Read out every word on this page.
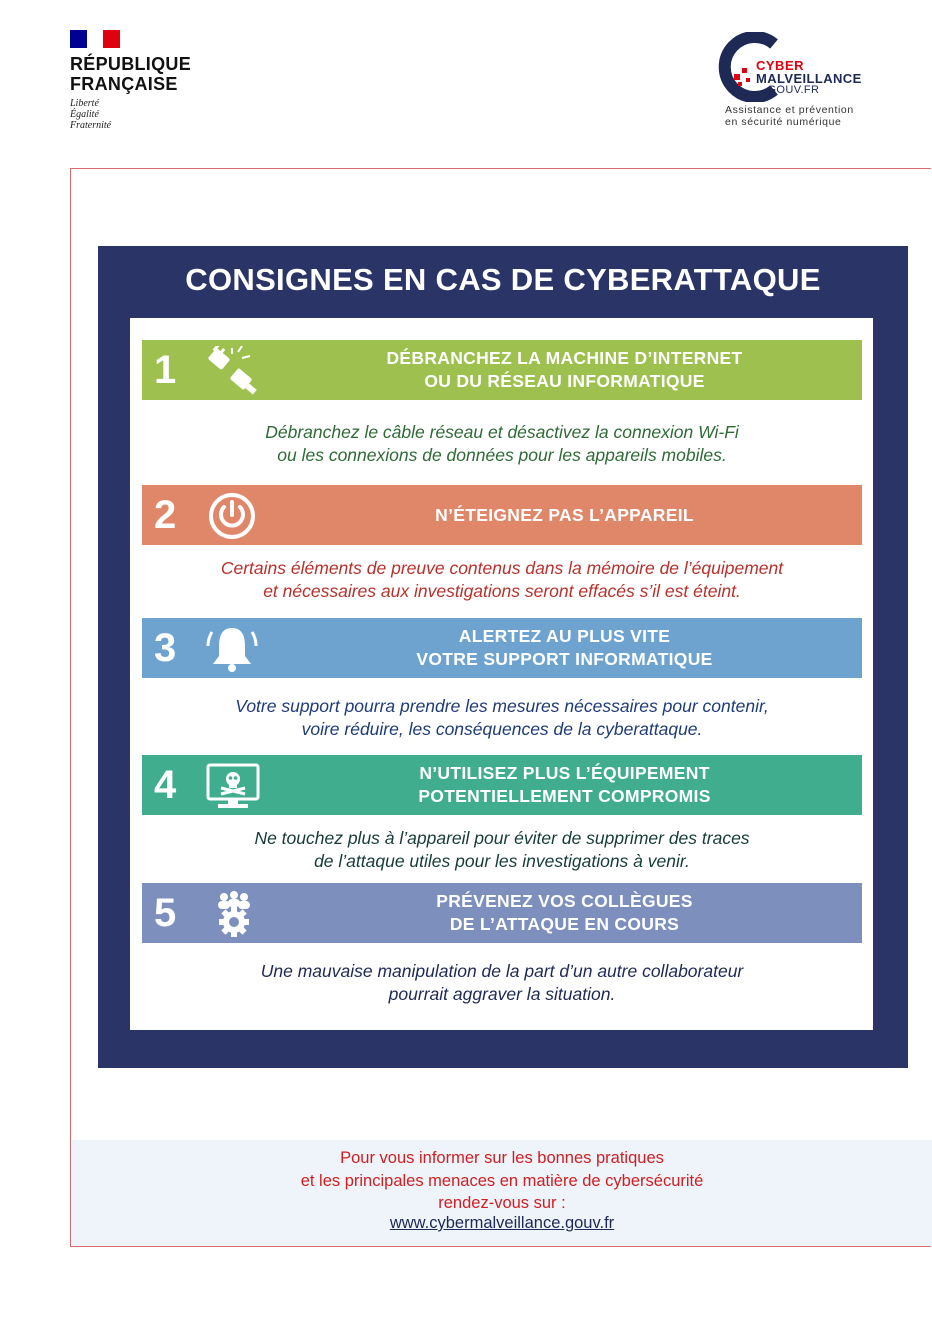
RÉPUBLIQUE
FRANÇAISE
Liberté
Égalité
Fraternité
CYBER
MALVEILLANCE
.GOUV.FR
Assistance et prévention
en sécurité numérique
CONSIGNES EN CAS DE CYBERATTAQUE
1	DÉBRANCHEZ LA MACHINE D’INTERNET
OU DU RÉSEAU INFORMATIQUE
Débranchez le câble réseau et désactivez la connexion Wi-Fi
ou les connexions de données pour les appareils mobiles.
2	N’ÉTEIGNEZ PAS L’APPAREIL
Certains éléments de preuve contenus dans la mémoire de l’équipement
et nécessaires aux investigations seront effacés s’il est éteint.
3	ALERTEZ AU PLUS VITE
VOTRE SUPPORT INFORMATIQUE
Votre support pourra prendre les mesures nécessaires pour contenir,
voire réduire, les conséquences de la cyberattaque.
4	N’UTILISEZ PLUS L’ÉQUIPEMENT
POTENTIELLEMENT COMPROMIS
Ne touchez plus à l’appareil pour éviter de supprimer des traces
de l’attaque utiles pour les investigations à venir.
5	PRÉVENEZ VOS COLLÈGUES
DE L’ATTAQUE EN COURS
Une mauvaise manipulation de la part d’un autre collaborateur
pourrait aggraver la situation.
Pour vous informer sur les bonnes pratiques
et les principales menaces en matière de cybersécurité
rendez-vous sur :
www.cybermalveillance.gouv.fr
